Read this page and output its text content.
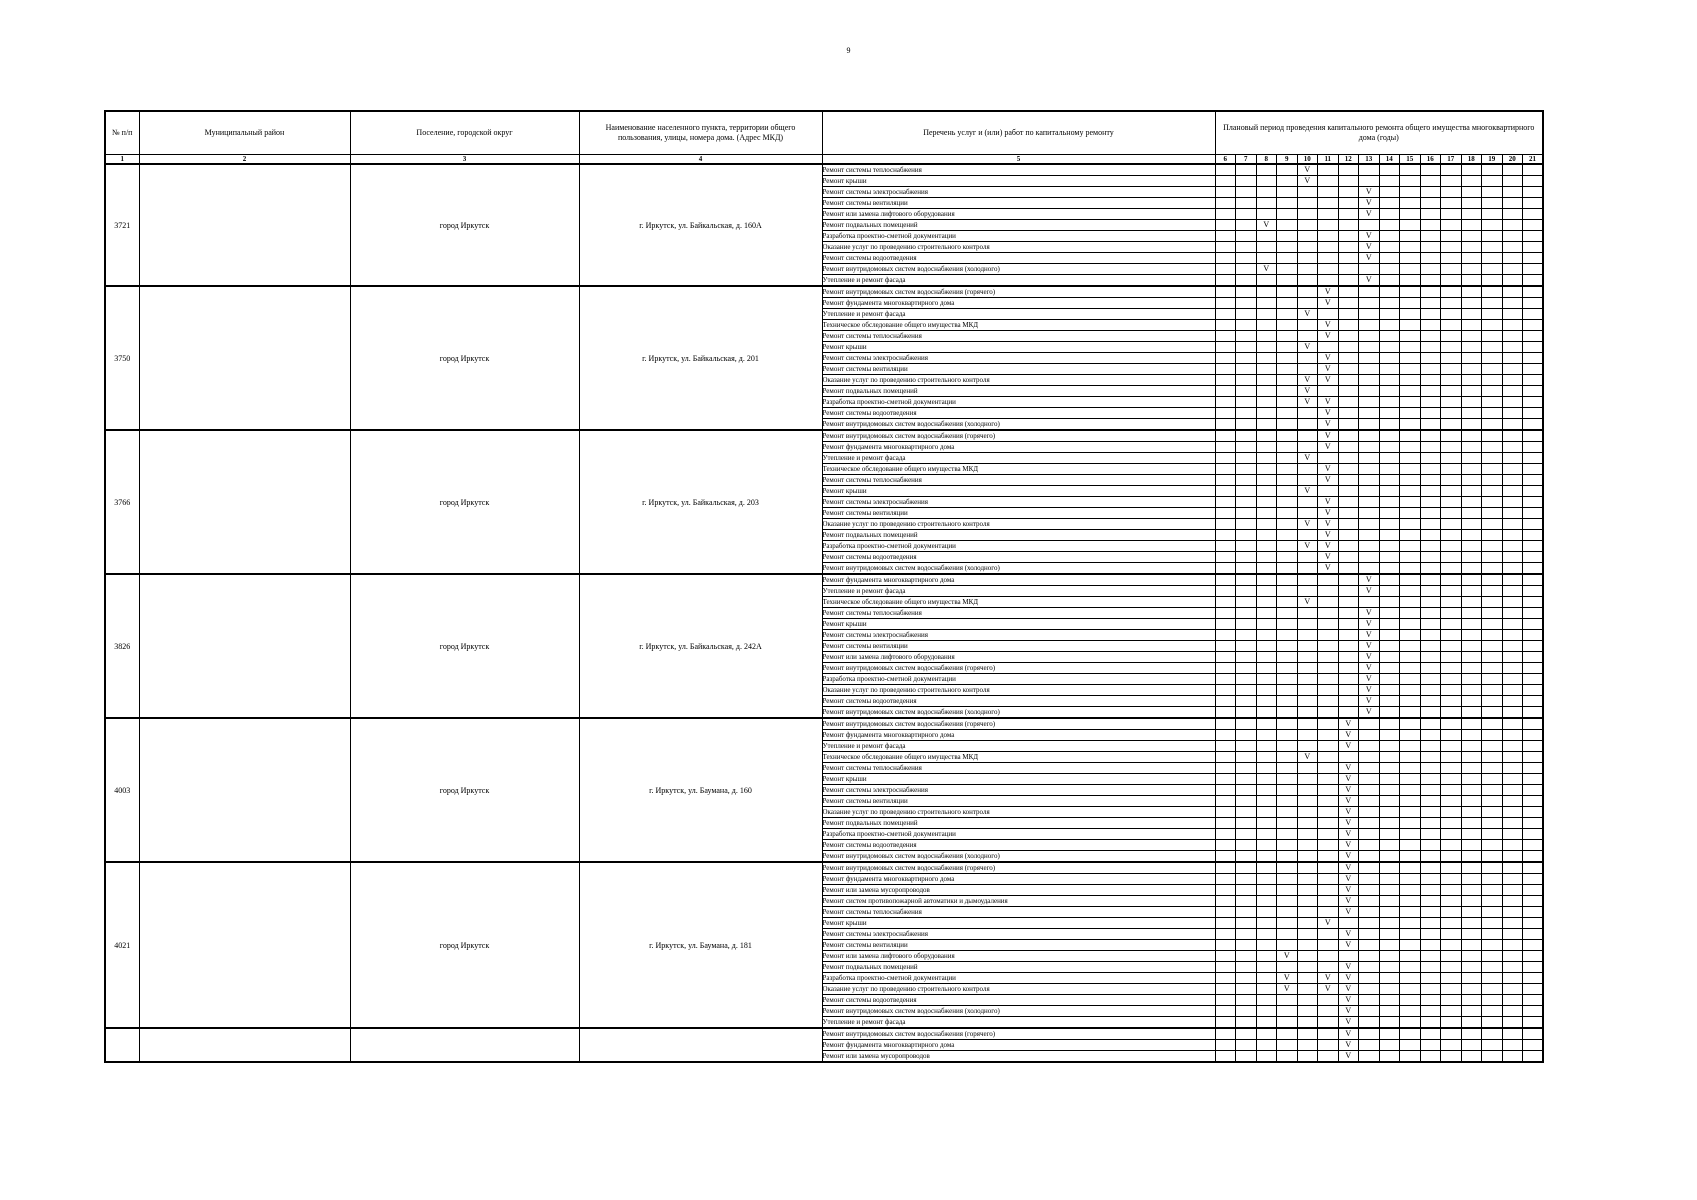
9
№ п/п	Муниципальный район	Поселение, городской округ	Наименование населенного пункта, территории общего пользования, улицы, номера дома. (Адрес МКД)	Перечень услуг и (или) работ по капитальному ремонту	Плановый период проведения капитального ремонта общего имущества многоквартирного дома (годы)															

1	2	3	4	5	6	7	8	9	10	11	12	13	14	15	16	17	18	19	20	21
3721		город Иркутск	г. Иркутск, ул. Байкальская, д. 160А	Ремонт системы теплоснабжения					V											
				Ремонт крыши					V											
				Ремонт системы электроснабжения								V								
				Ремонт системы вентиляции								V								
				Ремонт или замена лифтового оборудования								V								
				Ремонт подвальных помещений			V													
				Разработка проектно-сметной документации								V								
				Оказание услуг по проведению строительного контроля								V								
				Ремонт системы водоотведения								V								
				Ремонт внутридомовых систем водоснабжения (холодного)			V													
				Утепление и ремонт фасада								V								
3750		город Иркутск	г. Иркутск, ул. Байкальская, д. 201	Ремонт внутридомовых систем водоснабжения (горячего)						V										
				Ремонт фундамента многоквартирного дома						V										
				Утепление и ремонт фасада					V											
				Техническое обследование общего имущества МКД						V										
				Ремонт системы теплоснабжения						V										
				Ремонт крыши					V											
				Ремонт системы электроснабжения						V										
				Ремонт системы вентиляции						V										
				Оказание услуг по проведению строительного контроля					V	V										
				Ремонт подвальных помещений					V											
				Разработка проектно-сметной документации					V	V										
				Ремонт системы водоотведения						V										
				Ремонт внутридомовых систем водоснабжения (холодного)						V										
3766		город Иркутск	г. Иркутск, ул. Байкальская, д. 203	Ремонт внутридомовых систем водоснабжения (горячего)						V										
				Ремонт фундамента многоквартирного дома						V										
				Утепление и ремонт фасада					V											
				Техническое обследование общего имущества МКД						V										
				Ремонт системы теплоснабжения						V										
				Ремонт крыши					V											
				Ремонт системы электроснабжения						V										
				Ремонт системы вентиляции						V										
				Оказание услуг по проведению строительного контроля					V	V										
				Ремонт подвальных помещений						V										
				Разработка проектно-сметной документации					V	V										
				Ремонт системы водоотведения						V										
				Ремонт внутридомовых систем водоснабжения (холодного)						V										
3826		город Иркутск	г. Иркутск, ул. Байкальская, д. 242А	Ремонт фундамента многоквартирного дома								V								
				Утепление и ремонт фасада								V								
				Техническое обследование общего имущества МКД					V											
				Ремонт системы теплоснабжения								V								
				Ремонт крыши								V								
				Ремонт системы электроснабжения								V								
				Ремонт системы вентиляции								V								
				Ремонт или замена лифтового оборудования								V								
				Ремонт внутридомовых систем водоснабжения (горячего)								V								
				Разработка проектно-сметной документации								V								
				Оказание услуг по проведению строительного контроля								V								
				Ремонт системы водоотведения								V								
				Ремонт внутридомовых систем водоснабжения (холодного)								V								
4003		город Иркутск	г. Иркутск, ул. Баумана, д. 160	Ремонт внутридомовых систем водоснабжения (горячего)							V									
				Ремонт фундамента многоквартирного дома							V									
				Утепление и ремонт фасада							V									
				Техническое обследование общего имущества МКД					V											
				Ремонт системы теплоснабжения							V									
				Ремонт крыши							V									
				Ремонт системы электроснабжения							V									
				Ремонт системы вентиляции							V									
				Оказание услуг по проведению строительного контроля							V									
				Ремонт подвальных помещений							V									
				Разработка проектно-сметной документации							V									
				Ремонт системы водоотведения							V									
				Ремонт внутридомовых систем водоснабжения (холодного)							V									
4021		город Иркутск	г. Иркутск, ул. Баумана, д. 181	Ремонт внутридомовых систем водоснабжения (горячего)							V									
				Ремонт фундамента многоквартирного дома							V									
				Ремонт или замена мусоропроводов							V									
				Ремонт систем противопожарной автоматики и дымоудаления							V									
				Ремонт системы теплоснабжения							V									
				Ремонт крыши						V										
				Ремонт системы электроснабжения							V									
				Ремонт системы вентиляции							V									
				Ремонт или замена лифтового оборудования				V												
				Ремонт подвальных помещений							V									
				Разработка проектно-сметной документации				V		V	V									
				Оказание услуг по проведению строительного контроля				V		V	V									
				Ремонт системы водоотведения							V									
				Ремонт внутридомовых систем водоснабжения (холодного)							V									
				Утепление и ремонт фасада							V									
				Ремонт внутридомовых систем водоснабжения (горячего)							V									
				Ремонт фундамента многоквартирного дома							V									
				Ремонт или замена мусоропроводов							V									
